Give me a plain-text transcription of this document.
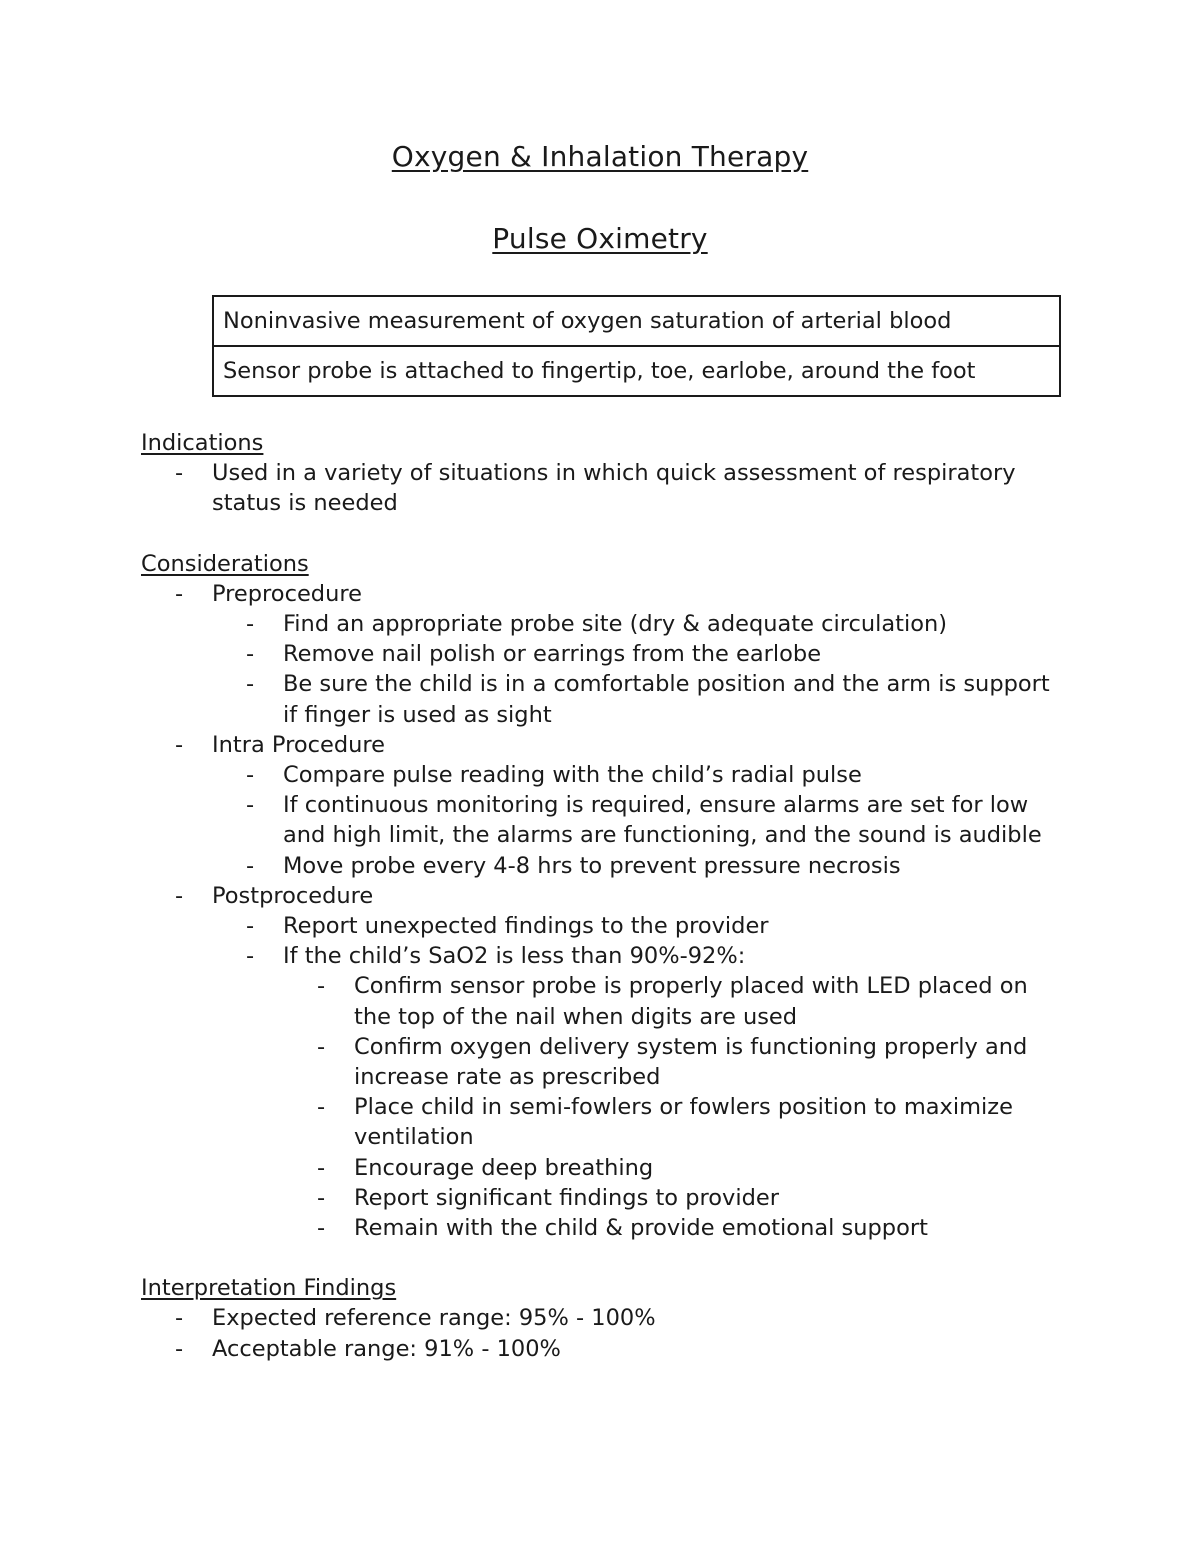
Oxygen & Inhalation Therapy
Pulse Oximetry
Noninvasive measurement of oxygen saturation of arterial blood
Sensor probe is attached to fingertip, toe, earlobe, around the foot
Indications
-	Used in a variety of situations in which quick assessment of respiratory status is needed
Considerations
-	Preprocedure
-	Find an appropriate probe site (dry & adequate circulation)
-	Remove nail polish or earrings from the earlobe
-	Be sure the child is in a comfortable position and the arm is support if finger is used as sight
-	Intra Procedure
-	Compare pulse reading with the child’s radial pulse
-	If continuous monitoring is required, ensure alarms are set for low and high limit, the alarms are functioning, and the sound is audible
-	Move probe every 4-8 hrs to prevent pressure necrosis
-	Postprocedure
-	Report unexpected findings to the provider
-	If the child’s SaO2 is less than 90%-92%:
-	Confirm sensor probe is properly placed with LED placed on the top of the nail when digits are used
-	Confirm oxygen delivery system is functioning properly and increase rate as prescribed
-	Place child in semi-fowlers or fowlers position to maximize ventilation
-	Encourage deep breathing
-	Report significant findings to provider
-	Remain with the child & provide emotional support
Interpretation Findings
-	Expected reference range: 95% - 100%
-	Acceptable range: 91% - 100%
